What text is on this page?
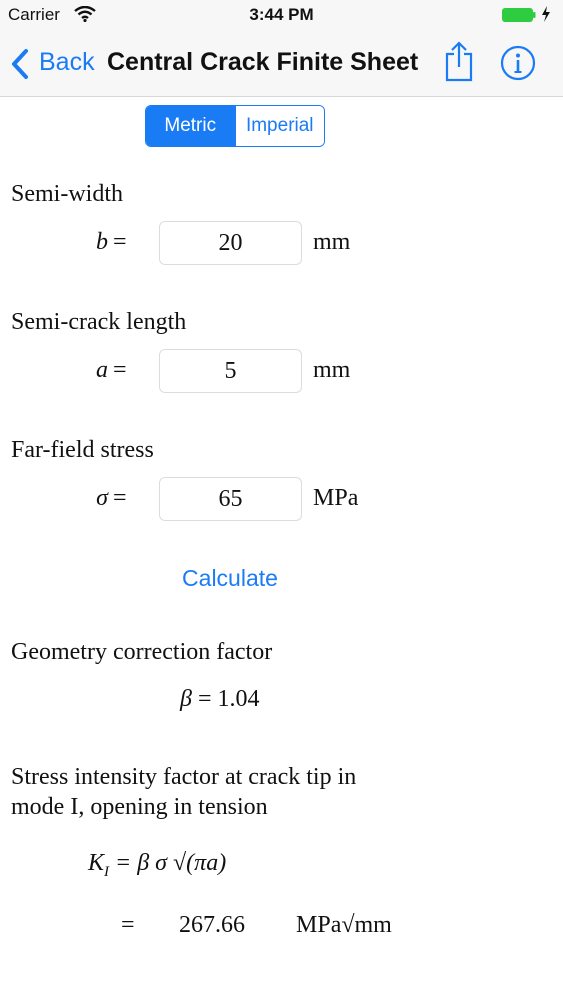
Carrier	3:44 PM
Back Central Crack Finite Sheet
Metric	Imperial
Semi-width
b =
20	mm
Semi-crack length
a =
5	mm
Far-field stress
σ =
65	MPa
Calculate
Geometry correction factor
β = 1.04
Stress intensity factor at crack tip in
mode I, opening in tension
$K_I = \beta$ σ √(πa)
= 267.66 MPa√mm
